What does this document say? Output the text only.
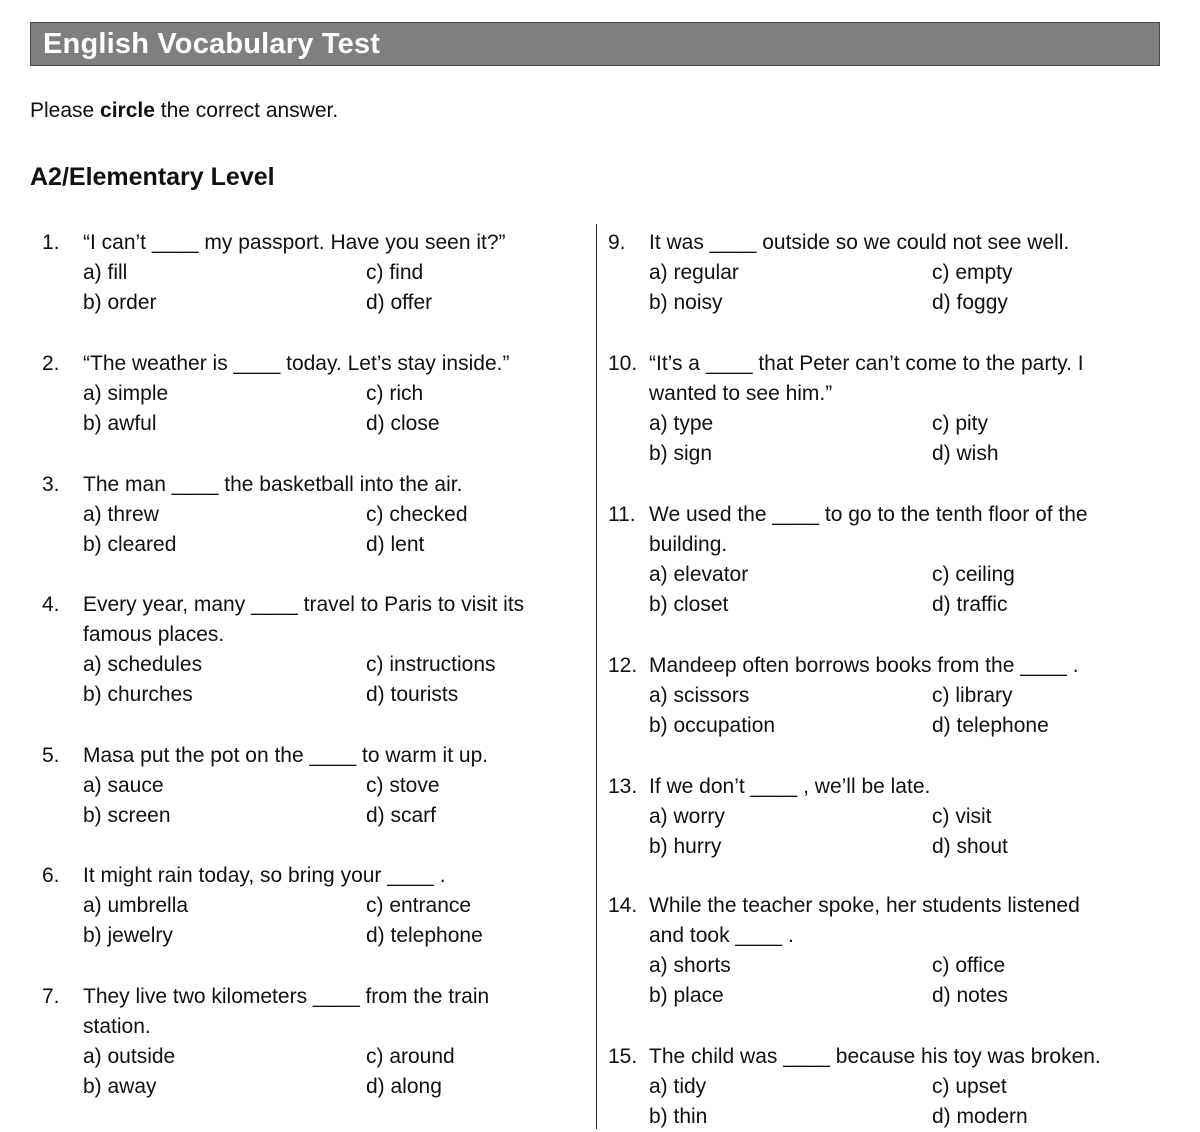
English Vocabulary Test
Please circle the correct answer.
A2/Elementary Level
1. “I can’t ____ my passport. Have you seen it?”
a) fill
b) order
c) find
d) offer
2. “The weather is ____ today. Let’s stay inside.”
a) simple
b) awful
c) rich
d) close
3. The man ____ the basketball into the air.
a) threw
b) cleared
c) checked
d) lent
4. Every year, many ____ travel to Paris to visit its
famous places.
a) schedules
b) churches
c) instructions
d) tourists
5. Masa put the pot on the ____ to warm it up.
a) sauce
b) screen
c) stove
d) scarf
6. It might rain today, so bring your ____ .
a) umbrella
b) jewelry
c) entrance
d) telephone
7. They live two kilometers ____ from the train
station.
a) outside
b) away
c) around
d) along
9. It was ____ outside so we could not see well.
a) regular
b) noisy
c) empty
d) foggy
10. “It’s a ____ that Peter can’t come to the party. I
wanted to see him.”
a) type
b) sign
c) pity
d) wish
11. We used the ____ to go to the tenth floor of the
building.
a) elevator
b) closet
c) ceiling
d) traffic
12. Mandeep often borrows books from the ____ .
a) scissors
b) occupation
c) library
d) telephone
13. If we don’t ____ , we’ll be late.
a) worry
b) hurry
c) visit
d) shout
14. While the teacher spoke, her students listened
and took ____ .
a) shorts
b) place
c) office
d) notes
15. The child was ____ because his toy was broken.
a) tidy
b) thin
c) upset
d) modern
